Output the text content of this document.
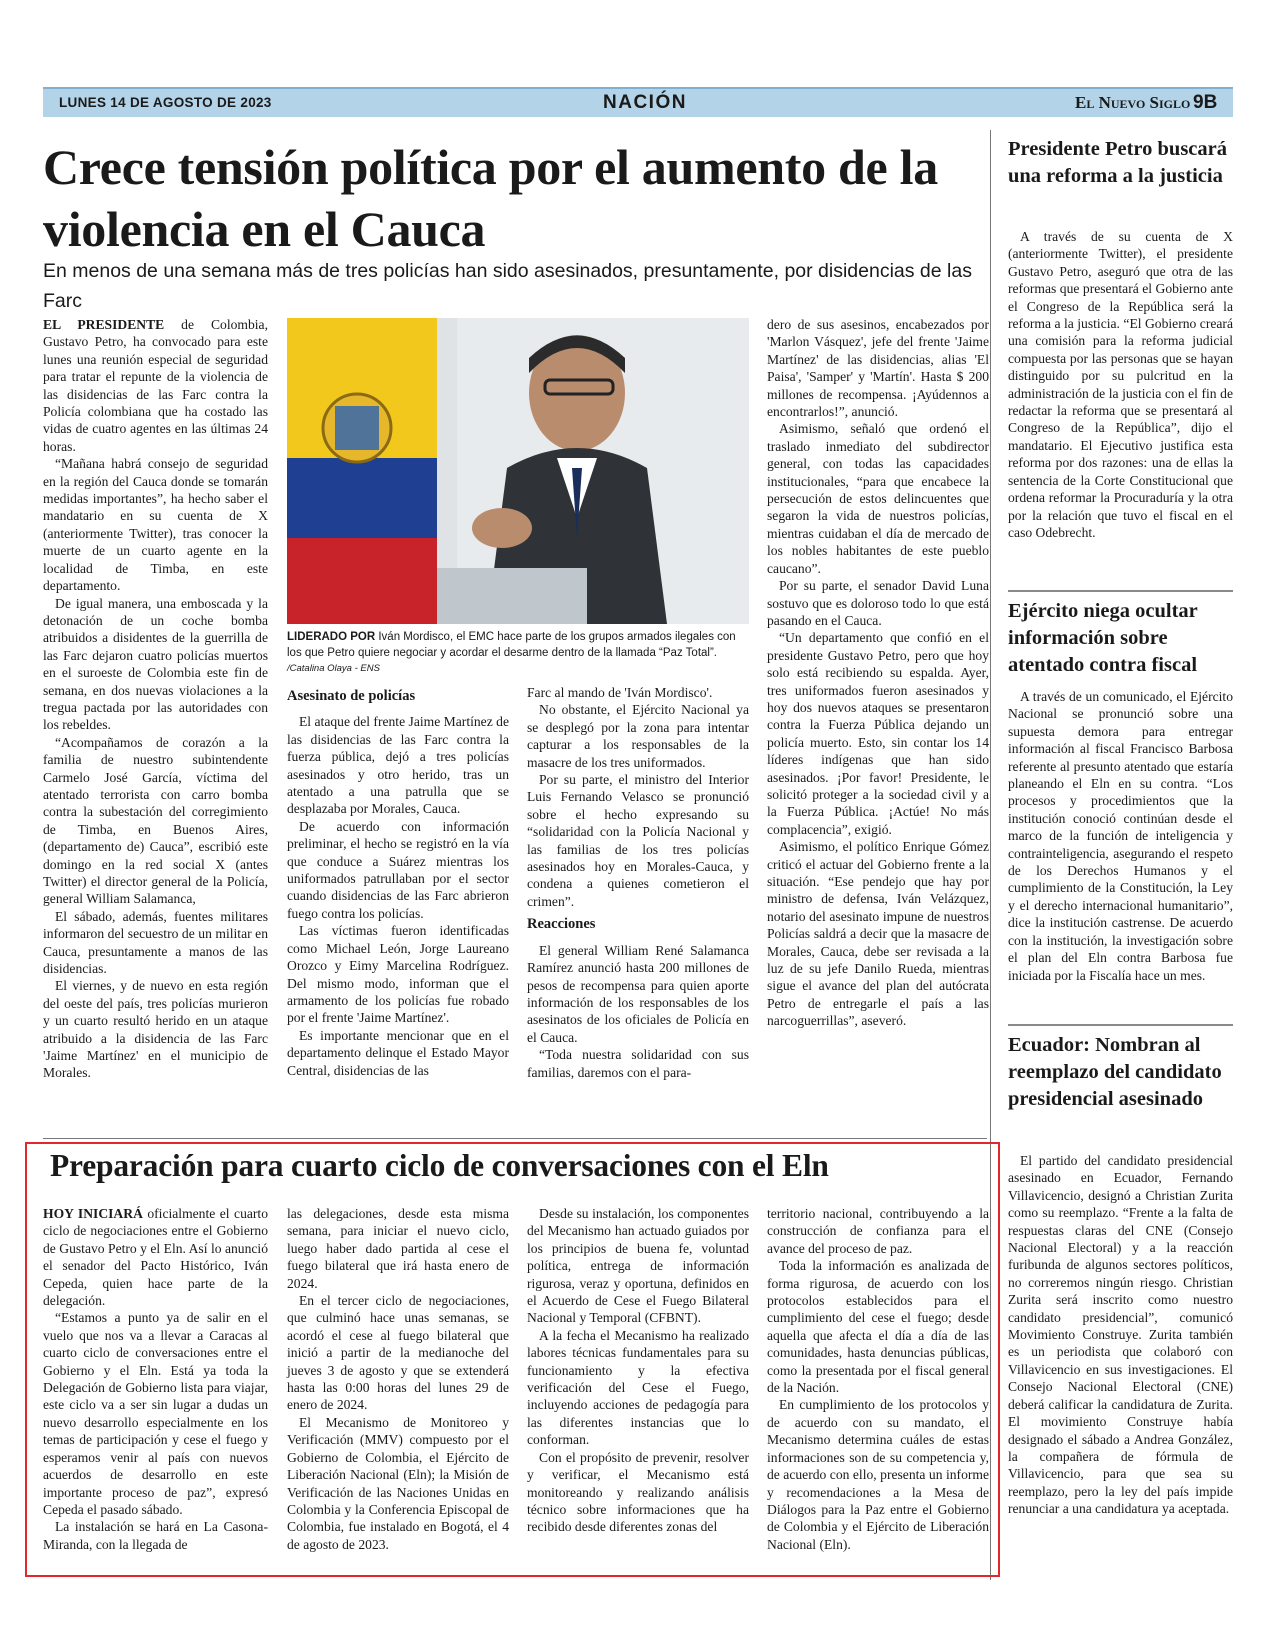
LUNES 14 DE AGOSTO DE 2023	NACIÓN	El Nuevo Siglo 9B
Crece tensión política por el aumento de la violencia en el Cauca
En menos de una semana más de tres policías han sido asesinados, presuntamente, por disidencias de las Farc

EL PRESIDENTE de Colombia, Gustavo Petro, ha convocado para este lunes una reunión especial de seguridad para tratar el repunte de la violencia de las disidencias de las Farc contra la Policía colombiana que ha costado las vidas de cuatro agentes en las últimas 24 horas.

“Mañana habrá consejo de seguridad en la región del Cauca donde se tomarán medidas importantes”, ha hecho saber el mandatario en su cuenta de X (anteriormente Twitter), tras conocer la muerte de un cuarto agente en la localidad de Timba, en este departamento.

De igual manera, una emboscada y la detonación de un coche bomba atribuidos a disidentes de la guerrilla de las Farc dejaron cuatro policías muertos en el suroeste de Colombia este fin de semana, en dos nuevas violaciones a la tregua pactada por las autoridades con los rebeldes.

“Acompañamos de corazón a la familia de nuestro subintendente Carmelo José García, víctima del atentado terrorista con carro bomba contra la subestación del corregimiento de Timba, en Buenos Aires, (departamento de) Cauca”, escribió este domingo en la red social X (antes Twitter) el director general de la Policía, general William Salamanca,

El sábado, además, fuentes militares informaron del secuestro de un militar en Cauca, presuntamente a manos de las disidencias.

El viernes, y de nuevo en esta región del oeste del país, tres policías murieron y un cuarto resultó herido en un ataque atribuido a la disidencia de las Farc 'Jaime Martínez' en el municipio de Morales.

LIDERADO POR Iván Mordisco, el EMC hace parte de los grupos armados ilegales con los que Petro quiere negociar y acordar el desarme dentro de la llamada “Paz Total”. /Catalina Olaya - ENS
Asesinato de policías

El ataque del frente Jaime Martínez de las disidencias de las Farc contra la fuerza pública, dejó a tres policías asesinados y otro herido, tras un atentado a una patrulla que se desplazaba por Morales, Cauca.

De acuerdo con información preliminar, el hecho se registró en la vía que conduce a Suárez mientras los uniformados patrullaban por el sector cuando disidencias de las Farc abrieron fuego contra los policías.

Las víctimas fueron identificadas como Michael León, Jorge Laureano Orozco y Eimy Marcelina Rodríguez. Del mismo modo, informan que el armamento de los policías fue robado por el frente 'Jaime Martínez'.

Es importante mencionar que en el departamento delinque el Estado Mayor Central, disidencias de las

Farc al mando de 'Iván Mordisco'.

No obstante, el Ejército Nacional ya se desplegó por la zona para intentar capturar a los responsables de la masacre de los tres uniformados.

Por su parte, el ministro del Interior Luis Fernando Velasco se pronunció sobre el hecho expresando su “solidaridad con la Policía Nacional y las familias de los tres policías asesinados hoy en Morales-Cauca, y condena a quienes cometieron el crimen”.

Reacciones

El general William René Salamanca Ramírez anunció hasta 200 millones de pesos de recompensa para quien aporte información de los responsables de los asesinatos de los oficiales de Policía en el Cauca.

“Toda nuestra solidaridad con sus familias, daremos con el para-

dero de sus asesinos, encabezados por 'Marlon Vásquez', jefe del frente 'Jaime Martínez' de las disidencias, alias 'El Paisa', 'Samper' y 'Martín'. Hasta $ 200 millones de recompensa. ¡Ayúdennos a encontrarlos!”, anunció.

Asimismo, señaló que ordenó el traslado inmediato del subdirector general, con todas las capacidades institucionales, “para que encabece la persecución de estos delincuentes que segaron la vida de nuestros policías, mientras cuidaban el día de mercado de los nobles habitantes de este pueblo caucano”.

Por su parte, el senador David Luna sostuvo que es doloroso todo lo que está pasando en el Cauca.

“Un departamento que confió en el presidente Gustavo Petro, pero que hoy solo está recibiendo su espalda. Ayer, tres uniformados fueron asesinados y hoy dos nuevos ataques se presentaron contra la Fuerza Pública dejando un policía muerto. Esto, sin contar los 14 líderes indígenas que han sido asesinados. ¡Por favor! Presidente, le solicitó proteger a la sociedad civil y a la Fuerza Pública. ¡Actúe! No más complacencia”, exigió.

Asimismo, el político Enrique Gómez criticó el actuar del Gobierno frente a la situación. “Ese pendejo que hay por ministro de defensa, Iván Velázquez, notario del asesinato impune de nuestros Policías saldrá a decir que la masacre de Morales, Cauca, debe ser revisada a la luz de su jefe Danilo Rueda, mientras sigue el avance del plan del autócrata Petro de entregarle el país a las narcoguerrillas”, aseveró.

Presidente Petro buscará una reforma a la justicia

A través de su cuenta de X (anteriormente Twitter), el presidente Gustavo Petro, aseguró que otra de las reformas que presentará el Gobierno ante el Congreso de la República será la reforma a la justicia. “El Gobierno creará una comisión para la reforma judicial compuesta por las personas que se hayan distinguido por su pulcritud en la administración de la justicia con el fin de redactar la reforma que se presentará al Congreso de la República”, dijo el mandatario. El Ejecutivo justifica esta reforma por dos razones: una de ellas la sentencia de la Corte Constitucional que ordena reformar la Procuraduría y la otra por la relación que tuvo el fiscal en el caso Odebrecht.

Ejército niega ocultar información sobre atentado contra fiscal

A través de un comunicado, el Ejército Nacional se pronunció sobre una supuesta demora para entregar información al fiscal Francisco Barbosa referente al presunto atentado que estaría planeando el Eln en su contra. “Los procesos y procedimientos que la institución conoció continúan desde el marco de la función de inteligencia y contrainteligencia, asegurando el respeto de los Derechos Humanos y el cumplimiento de la Constitución, la Ley y el derecho internacional humanitario”, dice la institución castrense. De acuerdo con la institución, la investigación sobre el plan del Eln contra Barbosa fue iniciada por la Fiscalía hace un mes.

Ecuador: Nombran al reemplazo del candidato presidencial asesinado

El partido del candidato presidencial asesinado en Ecuador, Fernando Villavicencio, designó a Christian Zurita como su reemplazo. “Frente a la falta de respuestas claras del CNE (Consejo Nacional Electoral) y a la reacción furibunda de algunos sectores políticos, no correremos ningún riesgo. Christian Zurita será inscrito como nuestro candidato presidencial”, comunicó Movimiento Construye. Zurita también es un periodista que colaboró con Villavicencio en sus investigaciones. El Consejo Nacional Electoral (CNE) deberá calificar la candidatura de Zurita. El movimiento Construye había designado el sábado a Andrea González, la compañera de fórmula de Villavicencio, para que sea su reemplazo, pero la ley del país impide renunciar a una candidatura ya aceptada.

Preparación para cuarto ciclo de conversaciones con el Eln

HOY INICIARÁ oficialmente el cuarto ciclo de negociaciones entre el Gobierno de Gustavo Petro y el Eln. Así lo anunció el senador del Pacto Histórico, Iván Cepeda, quien hace parte de la delegación.

“Estamos a punto ya de salir en el vuelo que nos va a llevar a Caracas al cuarto ciclo de conversaciones entre el Gobierno y el Eln. Está ya toda la Delegación de Gobierno lista para viajar, este ciclo va a ser sin lugar a dudas un nuevo desarrollo especialmente en los temas de participación y cese el fuego y esperamos venir al país con nuevos acuerdos de desarrollo en este importante proceso de paz”, expresó Cepeda el pasado sábado.

La instalación se hará en La Casona-Miranda, con la llegada de

las delegaciones, desde esta misma semana, para iniciar el nuevo ciclo, luego haber dado partida al cese el fuego bilateral que irá hasta enero de 2024.

En el tercer ciclo de negociaciones, que culminó hace unas semanas, se acordó el cese al fuego bilateral que inició a partir de la medianoche del jueves 3 de agosto y que se extenderá hasta las 0:00 horas del lunes 29 de enero de 2024.

El Mecanismo de Monitoreo y Verificación (MMV) compuesto por el Gobierno de Colombia, el Ejército de Liberación Nacional (Eln); la Misión de Verificación de las Naciones Unidas en Colombia y la Conferencia Episcopal de Colombia, fue instalado en Bogotá, el 4 de agosto de 2023.

Desde su instalación, los componentes del Mecanismo han actuado guiados por los principios de buena fe, voluntad política, entrega de información rigurosa, veraz y oportuna, definidos en el Acuerdo de Cese el Fuego Bilateral Nacional y Temporal (CFBNT).

A la fecha el Mecanismo ha realizado labores técnicas fundamentales para su funcionamiento y la efectiva verificación del Cese el Fuego, incluyendo acciones de pedagogía para las diferentes instancias que lo conforman.

Con el propósito de prevenir, resolver y verificar, el Mecanismo está monitoreando y realizando análisis técnico sobre informaciones que ha recibido desde diferentes zonas del

territorio nacional, contribuyendo a la construcción de confianza para el avance del proceso de paz.

Toda la información es analizada de forma rigurosa, de acuerdo con los protocolos establecidos para el cumplimiento del cese el fuego; desde aquella que afecta el día a día de las comunidades, hasta denuncias públicas, como la presentada por el fiscal general de la Nación.

En cumplimiento de los protocolos y de acuerdo con su mandato, el Mecanismo determina cuáles de estas informaciones son de su competencia y, de acuerdo con ello, presenta un informe y recomendaciones a la Mesa de Diálogos para la Paz entre el Gobierno de Colombia y el Ejército de Liberación Nacional (Eln).
